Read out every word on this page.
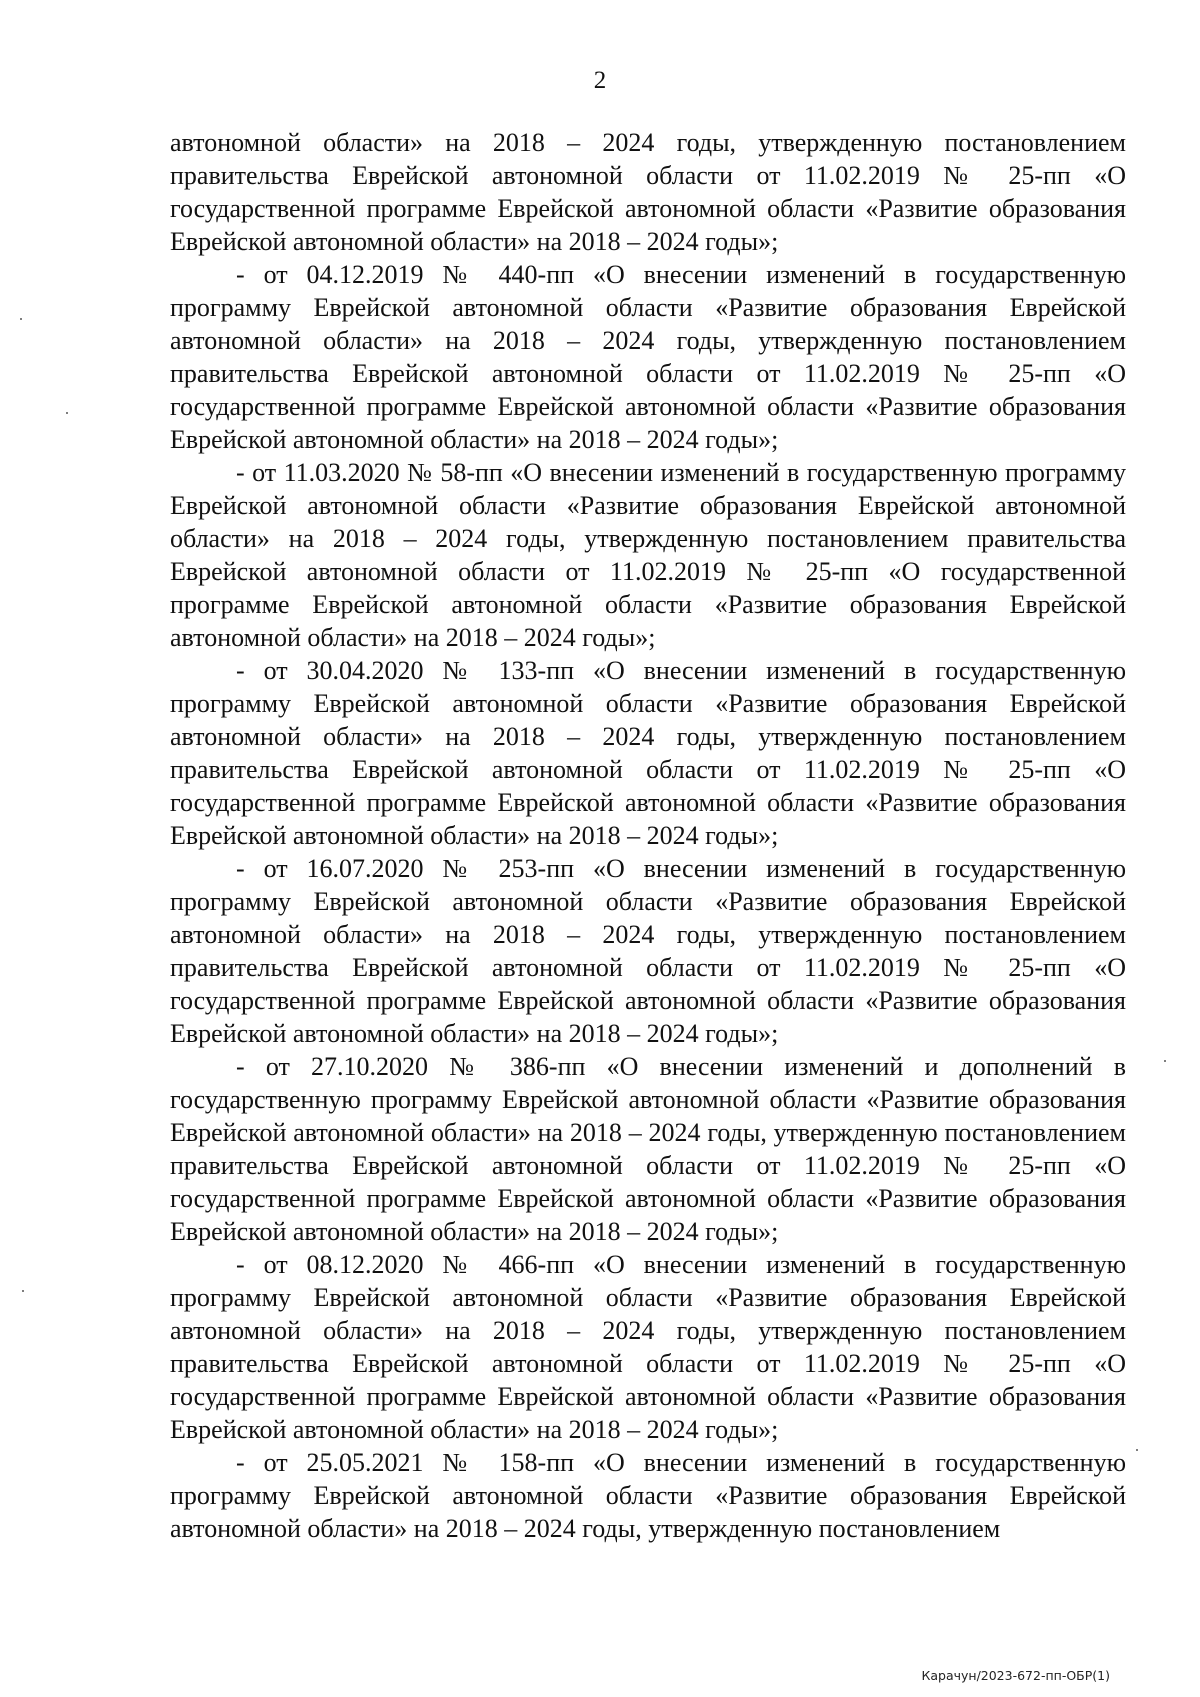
2

автономной области» на 2018 – 2024 годы, утвержденную постановлением правительства Еврейской автономной области от 11.02.2019 № 25-пп «О государственной программе Еврейской автономной области «Развитие образования Еврейской автономной области» на 2018 – 2024 годы»;

- от 04.12.2019 № 440-пп «О внесении изменений в государственную программу Еврейской автономной области «Развитие образования Еврейской автономной области» на 2018 – 2024 годы, утвержденную постановлением правительства Еврейской автономной области от 11.02.2019 № 25-пп «О государственной программе Еврейской автономной области «Развитие образования Еврейской автономной области» на 2018 – 2024 годы»;

- от 11.03.2020 № 58-пп «О внесении изменений в государственную программу Еврейской автономной области «Развитие образования Еврейской автономной области» на 2018 – 2024 годы, утвержденную постановлением правительства Еврейской автономной области от 11.02.2019 № 25-пп «О государственной программе Еврейской автономной области «Развитие образования Еврейской автономной области» на 2018 – 2024 годы»;

- от 30.04.2020 № 133-пп «О внесении изменений в государственную программу Еврейской автономной области «Развитие образования Еврейской автономной области» на 2018 – 2024 годы, утвержденную постановлением правительства Еврейской автономной области от 11.02.2019 № 25-пп «О государственной программе Еврейской автономной области «Развитие образования Еврейской автономной области» на 2018 – 2024 годы»;

- от 16.07.2020 № 253-пп «О внесении изменений в государственную программу Еврейской автономной области «Развитие образования Еврейской автономной области» на 2018 – 2024 годы, утвержденную постановлением правительства Еврейской автономной области от 11.02.2019 № 25-пп «О государственной программе Еврейской автономной области «Развитие образования Еврейской автономной области» на 2018 – 2024 годы»;

- от 27.10.2020 № 386-пп «О внесении изменений и дополнений в государственную программу Еврейской автономной области «Развитие образования Еврейской автономной области» на 2018 – 2024 годы, утвержденную постановлением правительства Еврейской автономной области от 11.02.2019 № 25-пп «О государственной программе Еврейской автономной области «Развитие образования Еврейской автономной области» на 2018 – 2024 годы»;

- от 08.12.2020 № 466-пп «О внесении изменений в государственную программу Еврейской автономной области «Развитие образования Еврейской автономной области» на 2018 – 2024 годы, утвержденную постановлением правительства Еврейской автономной области от 11.02.2019 № 25-пп «О государственной программе Еврейской автономной области «Развитие образования Еврейской автономной области» на 2018 – 2024 годы»;

- от 25.05.2021 № 158-пп «О внесении изменений в государственную программу Еврейской автономной области «Развитие образования Еврейской автономной области» на 2018 – 2024 годы, утвержденную постановлением

Карачун/2023-672-пп-ОБР(1)
